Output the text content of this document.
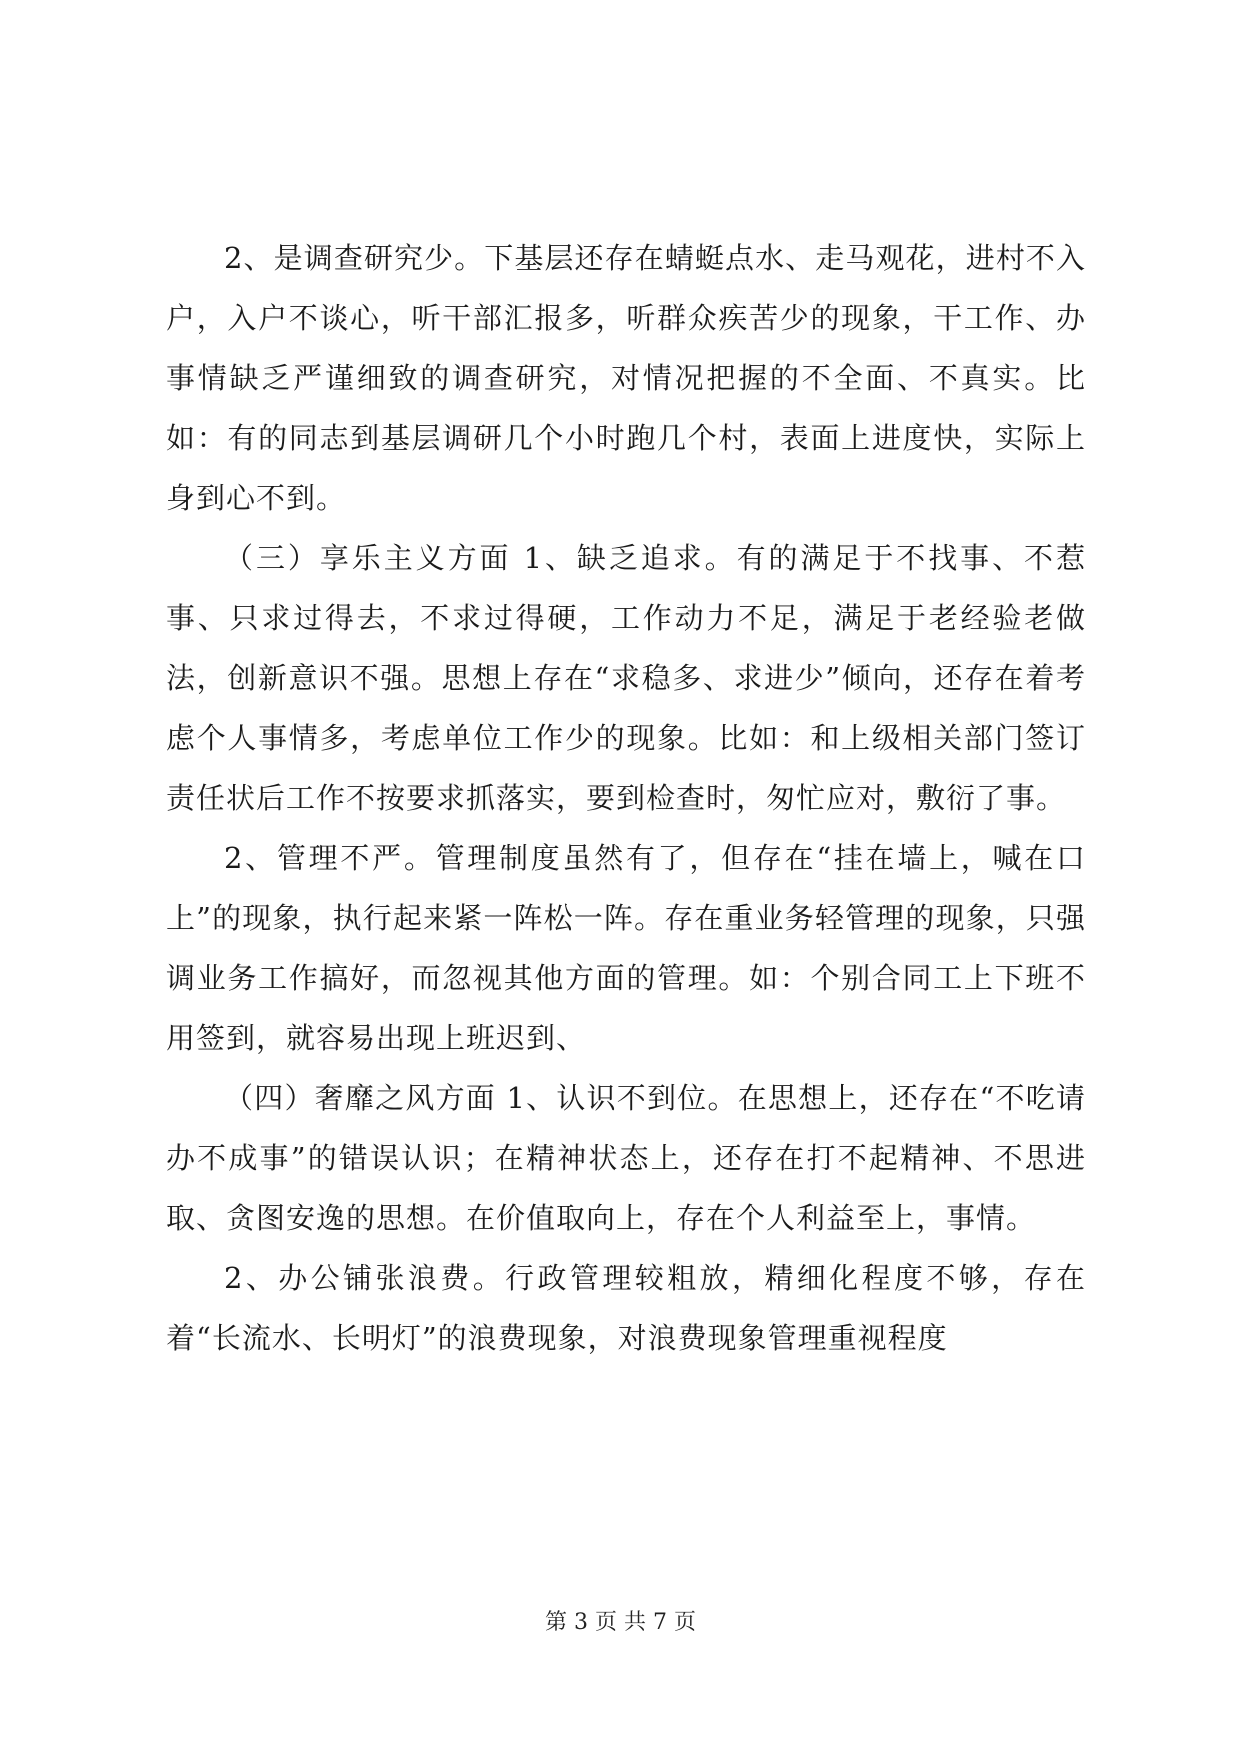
2、是调查研究少。下基层还存在蜻蜓点水、走马观花，进村不入户，入户不谈心，听干部汇报多，听群众疾苦少的现象，干工作、办事情缺乏严谨细致的调查研究，对情况把握的不全面、不真实。比如：有的同志到基层调研几个小时跑几个村，表面上进度快，实际上身到心不到。

（三）享乐主义方面 1、缺乏追求。有的满足于不找事、不惹事、只求过得去，不求过得硬，工作动力不足，满足于老经验老做法，创新意识不强。思想上存在“求稳多、求进少”倾向，还存在着考虑个人事情多，考虑单位工作少的现象。比如：和上级相关部门签订责任状后工作不按要求抓落实，要到检查时，匆忙应对，敷衍了事。

2、管理不严。管理制度虽然有了，但存在“挂在墙上，喊在口上”的现象，执行起来紧一阵松一阵。存在重业务轻管理的现象，只强调业务工作搞好，而忽视其他方面的管理。如：个别合同工上下班不用签到，就容易出现上班迟到、

（四）奢靡之风方面 1、认识不到位。在思想上，还存在“不吃请办不成事”的错误认识；在精神状态上，还存在打不起精神、不思进取、贪图安逸的思想。在价值取向上，存在个人利益至上，事情。

2、办公铺张浪费。行政管理较粗放，精细化程度不够，存在着“长流水、长明灯”的浪费现象，对浪费现象管理重视程度

第 3 页 共 7 页
